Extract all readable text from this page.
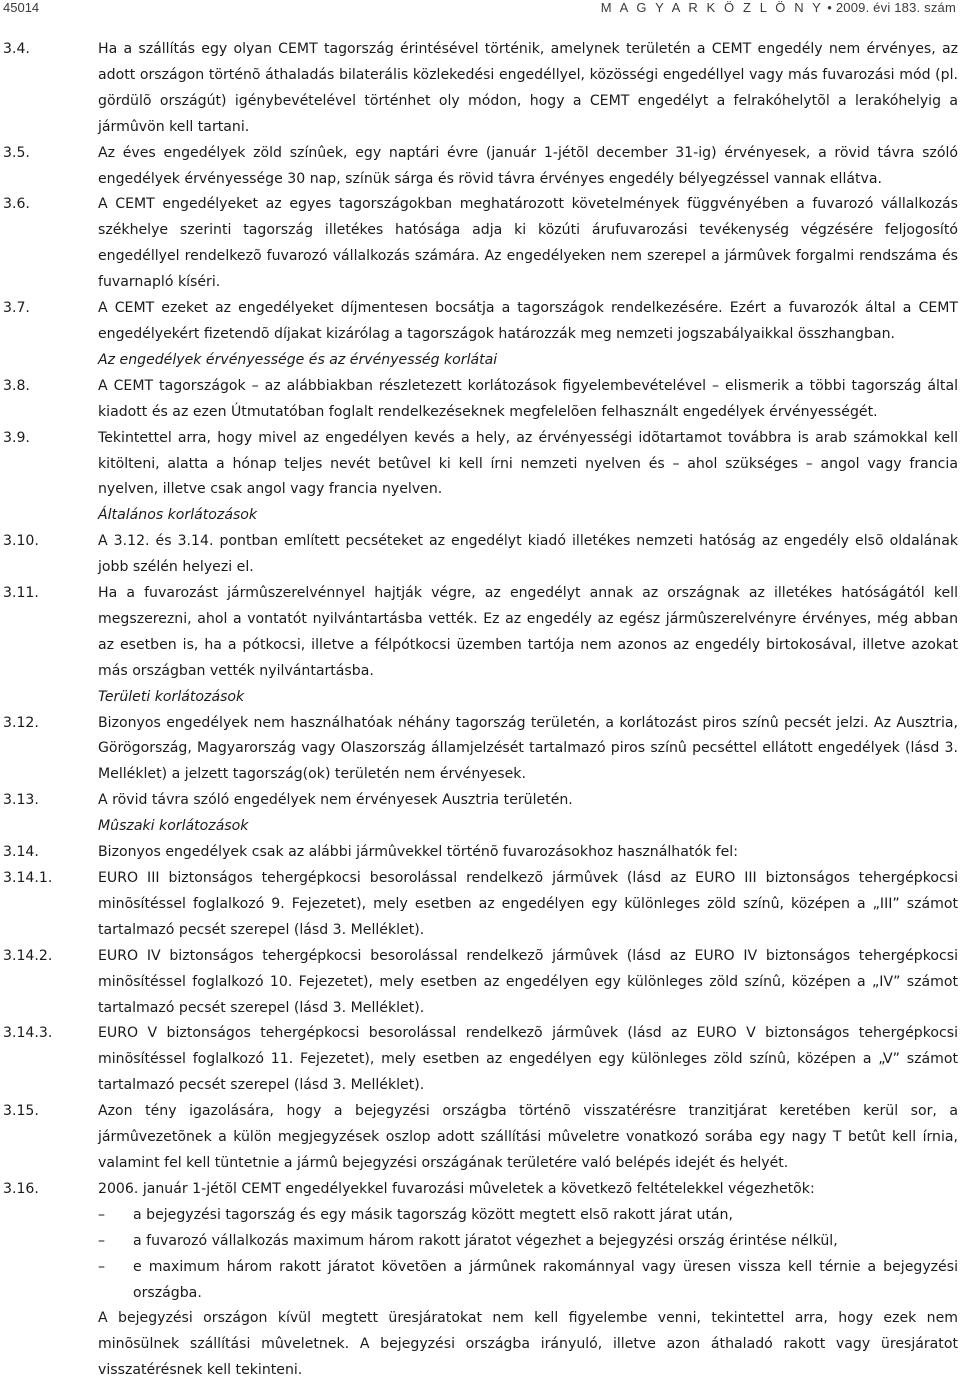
45014	M A G Y A R K Ö Z L Ö N Y • 2009. évi 183. szám
3.4.	Ha a szállítás egy olyan CEMT tagország érintésével történik, amelynek területén a CEMT engedély nem érvényes, az adott országon történõ áthaladás bilaterális közlekedési engedéllyel, közösségi engedéllyel vagy más fuvarozási mód (pl. gördülõ országút) igénybevételével történhet oly módon, hogy a CEMT engedélyt a felrakóhelytõl a lerakóhelyig a jármûvön kell tartani.
3.5.	Az éves engedélyek zöld színûek, egy naptári évre (január 1-jétõl december 31-ig) érvényesek, a rövid távra szóló engedélyek érvényessége 30 nap, színük sárga és rövid távra érvényes engedély bélyegzéssel vannak ellátva.
3.6.	A CEMT engedélyeket az egyes tagországokban meghatározott követelmények függvényében a fuvarozó vállalkozás székhelye szerinti tagország illetékes hatósága adja ki közúti árufuvarozási tevékenység végzésére feljogosító engedéllyel rendelkezõ fuvarozó vállalkozás számára. Az engedélyeken nem szerepel a jármûvek forgalmi rendszáma és fuvarnapló kíséri.
3.7.	A CEMT ezeket az engedélyeket díjmentesen bocsátja a tagországok rendelkezésére. Ezért a fuvarozók által a CEMT engedélyekért fizetendõ díjakat kizárólag a tagországok határozzák meg nemzeti jogszabályaikkal összhangban.
Az engedélyek érvényessége és az érvényesség korlátai
3.8.	A CEMT tagországok – az alábbiakban részletezett korlátozások figyelembevételével – elismerik a többi tagország által kiadott és az ezen Útmutatóban foglalt rendelkezéseknek megfelelõen felhasznált engedélyek érvényességét.
3.9.	Tekintettel arra, hogy mivel az engedélyen kevés a hely, az érvényességi idõtartamot továbbra is arab számokkal kell kitölteni, alatta a hónap teljes nevét betûvel ki kell írni nemzeti nyelven és – ahol szükséges – angol vagy francia nyelven, illetve csak angol vagy francia nyelven.
Általános korlátozások
3.10.	A 3.12. és 3.14. pontban említett pecséteket az engedélyt kiadó illetékes nemzeti hatóság az engedély elsõ oldalának jobb szélén helyezi el.
3.11.	Ha a fuvarozást jármûszerelvénnyel hajtják végre, az engedélyt annak az országnak az illetékes hatóságától kell megszerezni, ahol a vontatót nyilvántartásba vették. Ez az engedély az egész jármûszerelvényre érvényes, még abban az esetben is, ha a pótkocsi, illetve a félpótkocsi üzemben tartója nem azonos az engedély birtokosával, illetve azokat más országban vették nyilvántartásba.
Területi korlátozások
3.12.	Bizonyos engedélyek nem használhatóak néhány tagország területén, a korlátozást piros színû pecsét jelzi. Az Ausztria, Görögország, Magyarország vagy Olaszország államjelzését tartalmazó piros színû pecséttel ellátott engedélyek (lásd 3. Melléklet) a jelzett tagország(ok) területén nem érvényesek.
3.13.	A rövid távra szóló engedélyek nem érvényesek Ausztria területén.
Mûszaki korlátozások
3.14.	Bizonyos engedélyek csak az alábbi jármûvekkel történõ fuvarozásokhoz használhatók fel:
3.14.1.	EURO III biztonságos tehergépkocsi besorolással rendelkezõ jármûvek (lásd az EURO III biztonságos tehergépkocsi minõsítéssel foglalkozó 9. Fejezetet), mely esetben az engedélyen egy különleges zöld színû, középen a „III” számot tartalmazó pecsét szerepel (lásd 3. Melléklet).
3.14.2.	EURO IV biztonságos tehergépkocsi besorolással rendelkezõ jármûvek (lásd az EURO IV biztonságos tehergépkocsi minõsítéssel foglalkozó 10. Fejezetet), mely esetben az engedélyen egy különleges zöld színû, középen a „IV” számot tartalmazó pecsét szerepel (lásd 3. Melléklet).
3.14.3.	EURO V biztonságos tehergépkocsi besorolással rendelkezõ jármûvek (lásd az EURO V biztonságos tehergépkocsi minõsítéssel foglalkozó 11. Fejezetet), mely esetben az engedélyen egy különleges zöld színû, középen a „V” számot tartalmazó pecsét szerepel (lásd 3. Melléklet).
3.15.	Azon tény igazolására, hogy a bejegyzési országba történõ visszatérésre tranzitjárat keretében kerül sor, a jármûvezetõnek a külön megjegyzések oszlop adott szállítási mûveletre vonatkozó sorába egy nagy T betût kell írnia, valamint fel kell tüntetnie a jármû bejegyzési országának területére való belépés idejét és helyét.
3.16.	2006. január 1-jétõl CEMT engedélyekkel fuvarozási mûveletek a következõ feltételekkel végezhetõk:
– a bejegyzési tagország és egy másik tagország között megtett elsõ rakott járat után,
– a fuvarozó vállalkozás maximum három rakott járatot végezhet a bejegyzési ország érintése nélkül,
– e maximum három rakott járatot követõen a jármûnek rakománnyal vagy üresen vissza kell térnie a bejegyzési országba.
A bejegyzési országon kívül megtett üresjáratokat nem kell figyelembe venni, tekintettel arra, hogy ezek nem minõsülnek szállítási mûveletnek. A bejegyzési országba irányuló, illetve azon áthaladó rakott vagy üresjáratot visszatérésnek kell tekinteni.
